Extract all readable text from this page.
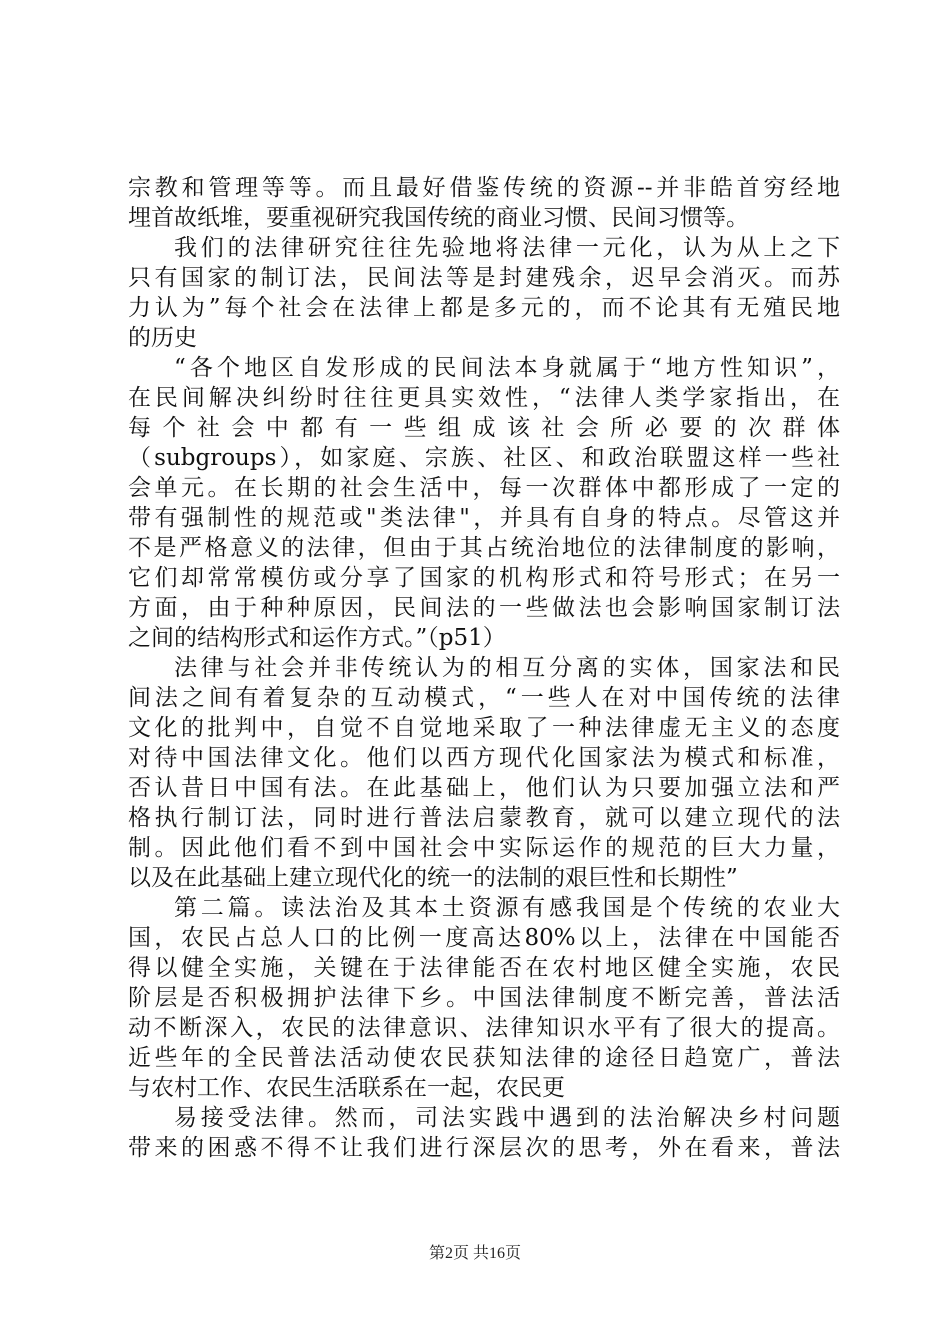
宗教和管理等等。而且最好借鉴传统的资源--并非皓首穷经地
埋首故纸堆，要重视研究我国传统的商业习惯、民间习惯等。
我们的法律研究往往先验地将法律一元化，认为从上之下
只有国家的制订法，民间法等是封建残余，迟早会消灭。而苏
力认为”每个社会在法律上都是多元的，而不论其有无殖民地
的历史
“各个地区自发形成的民间法本身就属于“地方性知识”，
在民间解决纠纷时往往更具实效性，“法律人类学家指出，在
每个社会中都有一些组成该社会所必要的次群体
（subgroups），如家庭、宗族、社区、和政治联盟这样一些社
会单元。在长期的社会生活中，每一次群体中都形成了一定的
带有强制性的规范或"类法律"，并具有自身的特点。尽管这并
不是严格意义的法律，但由于其占统治地位的法律制度的影响，
它们却常常模仿或分享了国家的机构形式和符号形式；在另一
方面，由于种种原因，民间法的一些做法也会影响国家制订法
之间的结构形式和运作方式。”（p51）
法律与社会并非传统认为的相互分离的实体，国家法和民
间法之间有着复杂的互动模式，“一些人在对中国传统的法律
文化的批判中，自觉不自觉地采取了一种法律虚无主义的态度
对待中国法律文化。他们以西方现代化国家法为模式和标准，
否认昔日中国有法。在此基础上，他们认为只要加强立法和严
格执行制订法，同时进行普法启蒙教育，就可以建立现代的法
制。因此他们看不到中国社会中实际运作的规范的巨大力量，
以及在此基础上建立现代化的统一的法制的艰巨性和长期性”
第二篇。读法治及其本土资源有感我国是个传统的农业大
国，农民占总人口的比例一度高达80%以上，法律在中国能否
得以健全实施，关键在于法律能否在农村地区健全实施，农民
阶层是否积极拥护法律下乡。中国法律制度不断完善，普法活
动不断深入，农民的法律意识、法律知识水平有了很大的提高。
近些年的全民普法活动使农民获知法律的途径日趋宽广，普法
与农村工作、农民生活联系在一起，农民更
易接受法律。然而，司法实践中遇到的法治解决乡村问题
带来的困惑不得不让我们进行深层次的思考，外在看来，普法
第2页 共16页
